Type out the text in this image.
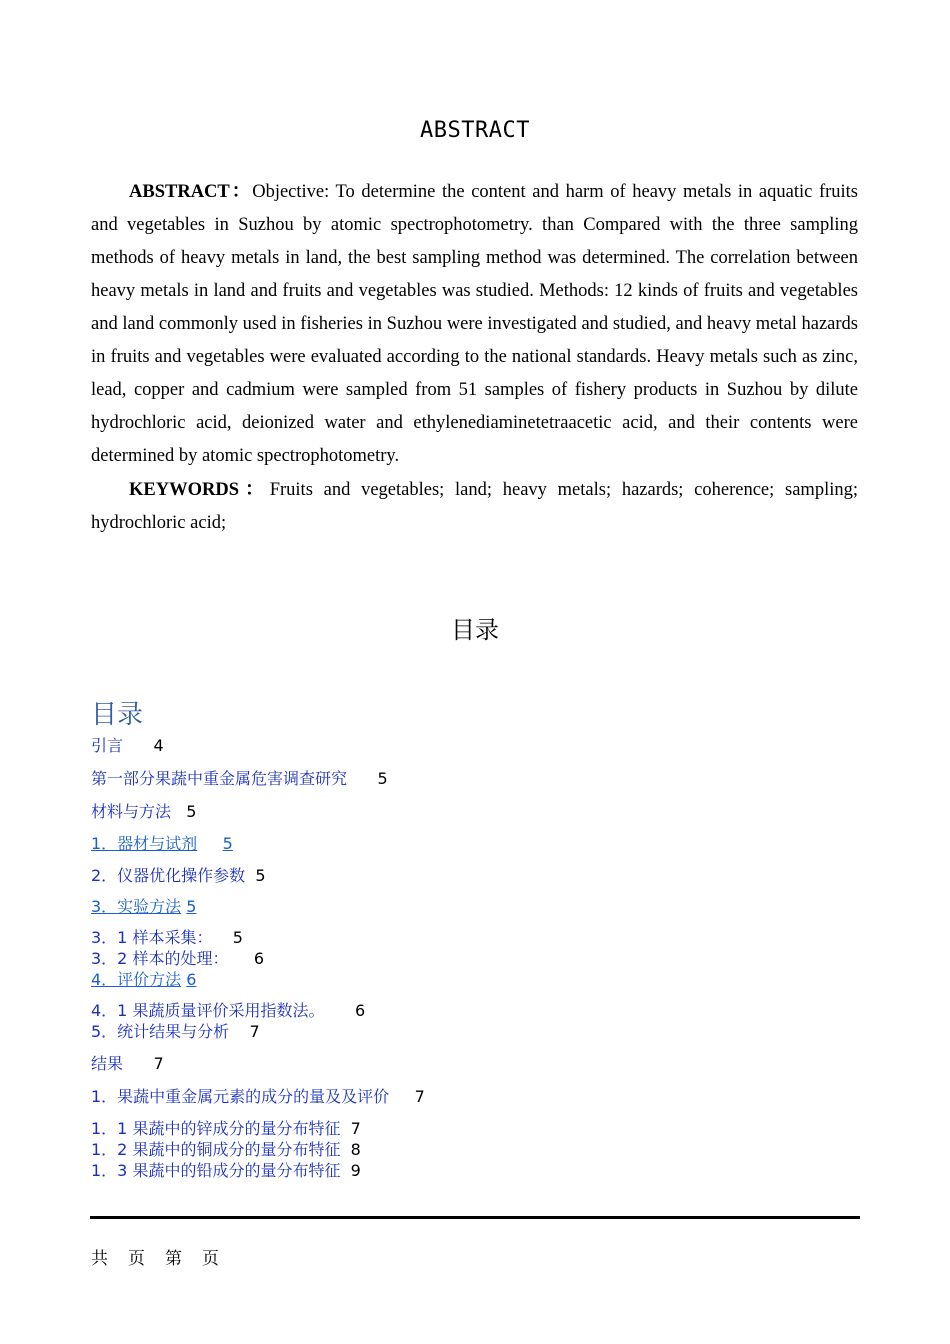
ABSTRACT
ABSTRACT：Objective: To determine the content and harm of heavy metals in aquatic fruits and vegetables in Suzhou by atomic spectrophotometry. than Compared with the three sampling methods of heavy metals in land, the best sampling method was determined. The correlation between heavy metals in land and fruits and vegetables was studied. Methods: 12 kinds of fruits and vegetables and land commonly used in fisheries in Suzhou were investigated and studied, and heavy metal hazards in fruits and vegetables were evaluated according to the national standards. Heavy metals such as zinc, lead, copper and cadmium were sampled from 51 samples of fishery products in Suzhou by dilute hydrochloric acid, deionized water and ethylenediaminetetraacetic acid, and their contents were determined by atomic spectrophotometry.
KEYWORDS：Fruits and vegetables; land; heavy metals; hazards; coherence; sampling; hydrochloric acid;
目录
目录
引言 4
第一部分果蔬中重金属危害调查研究 5
材料与方法 5
1．器材与试剂 5
2．仪器优化操作参数 5
3．实验方法 5
3．1 样本采集： 5
3．2 样本的处理： 6
4．评价方法 6
4．1 果蔬质量评价采用指数法。 6
5．统计结果与分析 7
结果 7
1．果蔬中重金属元素的成分的量及及评价 7
1．1 果蔬中的锌成分的量分布特征 7
1．2 果蔬中的铜成分的量分布特征 8
1．3 果蔬中的铅成分的量分布特征 9
共 页 第 页
